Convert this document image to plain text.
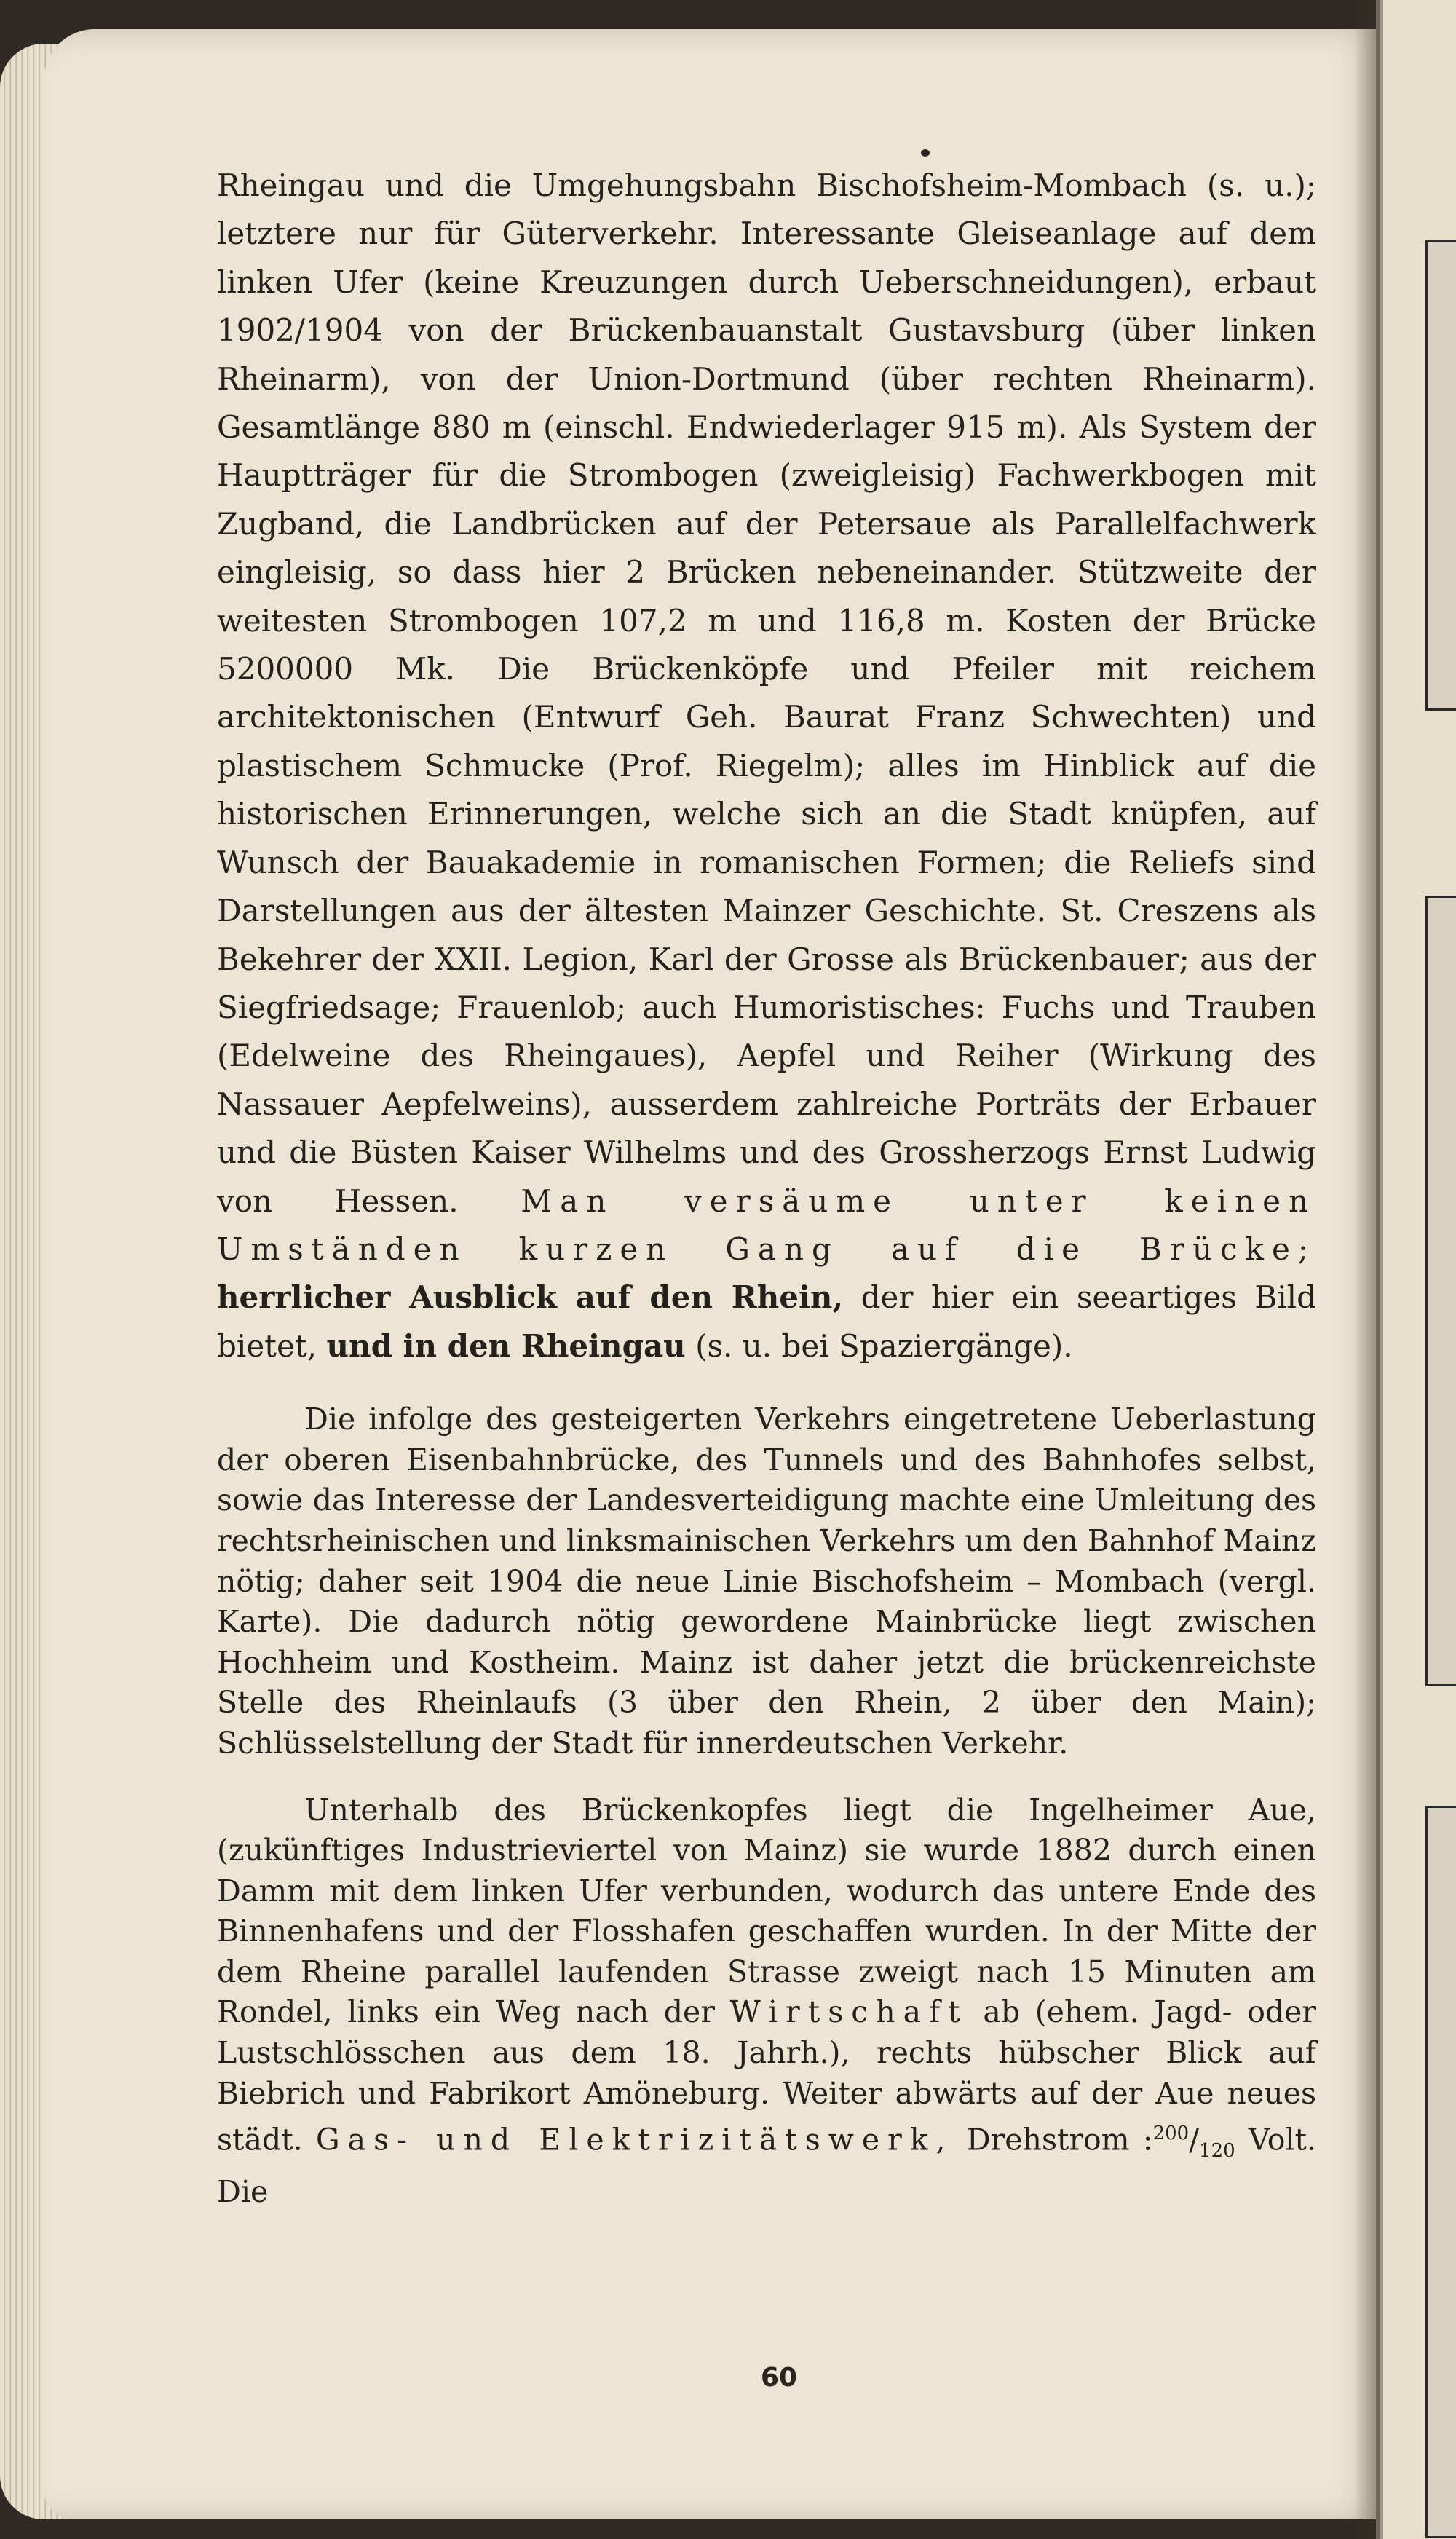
Rheingau und die Umgehungsbahn Bischofsheim-Mombach (s. u.); letztere nur für Güterverkehr. Interessante Gleiseanlage auf dem linken Ufer (keine Kreuzungen durch Ueberschneidungen), erbaut 1902/1904 von der Brückenbauanstalt Gustavsburg (über linken Rheinarm), von der Union-Dortmund (über rechten Rheinarm). Gesamtlänge 880 m (einschl. Endwiederlager 915 m). Als System der Hauptträger für die Strombogen (zweigleisig) Fachwerkbogen mit Zugband, die Landbrücken auf der Petersaue als Parallelfachwerk eingleisig, so dass hier 2 Brücken nebeneinander. Stützweite der weitesten Strombogen 107,2 m und 116,8 m. Kosten der Brücke 5200000 Mk. Die Brückenköpfe und Pfeiler mit reichem architektonischen (Entwurf Geh. Baurat Franz Schwechten) und plastischem Schmucke (Prof. Riegelm); alles im Hinblick auf die historischen Erinnerungen, welche sich an die Stadt knüpfen, auf Wunsch der Bauakademie in romanischen Formen; die Reliefs sind Darstellungen aus der ältesten Mainzer Geschichte. St. Creszens als Bekehrer der XXII. Legion, Karl der Grosse als Brückenbauer; aus der Siegfriedsage; Frauenlob; auch Humoristisches: Fuchs und Trauben (Edelweine des Rheingaues), Aepfel und Reiher (Wirkung des Nassauer Aepfelweins), ausserdem zahlreiche Porträts der Erbauer und die Büsten Kaiser Wilhelms und des Grossherzogs Ernst Ludwig von Hessen. Man versäume unter keinen Umständen kurzen Gang auf die Brücke; herrlicher Ausblick auf den Rhein, der hier ein seeartiges Bild bietet, und in den Rheingau (s. u. bei Spaziergänge).

Die infolge des gesteigerten Verkehrs eingetretene Ueberlastung der oberen Eisenbahnbrücke, des Tunnels und des Bahnhofes selbst, sowie das Interesse der Landesverteidigung machte eine Umleitung des rechtsrheinischen und linksmainischen Verkehrs um den Bahnhof Mainz nötig; daher seit 1904 die neue Linie Bischofsheim – Mombach (vergl. Karte). Die dadurch nötig gewordene Mainbrücke liegt zwischen Hochheim und Kostheim. Mainz ist daher jetzt die brückenreichste Stelle des Rheinlaufs (3 über den Rhein, 2 über den Main); Schlüsselstellung der Stadt für innerdeutschen Verkehr.

Unterhalb des Brückenkopfes liegt die Ingelheimer Aue, (zukünftiges Industrieviertel von Mainz) sie wurde 1882 durch einen Damm mit dem linken Ufer verbunden, wodurch das untere Ende des Binnenhafens und der Flosshafen geschaffen wurden. In der Mitte der dem Rheine parallel laufenden Strasse zweigt nach 15 Minuten am Rondel, links ein Weg nach der Wirtschaft ab (ehem. Jagd- oder Lustschlösschen aus dem 18. Jahrh.), rechts hübscher Blick auf Biebrich und Fabrikort Amöneburg. Weiter abwärts auf der Aue neues städt. Gas- und Elektrizitätswerk, Drehstrom $:^{200}/_{120}$ Volt. Die

60
